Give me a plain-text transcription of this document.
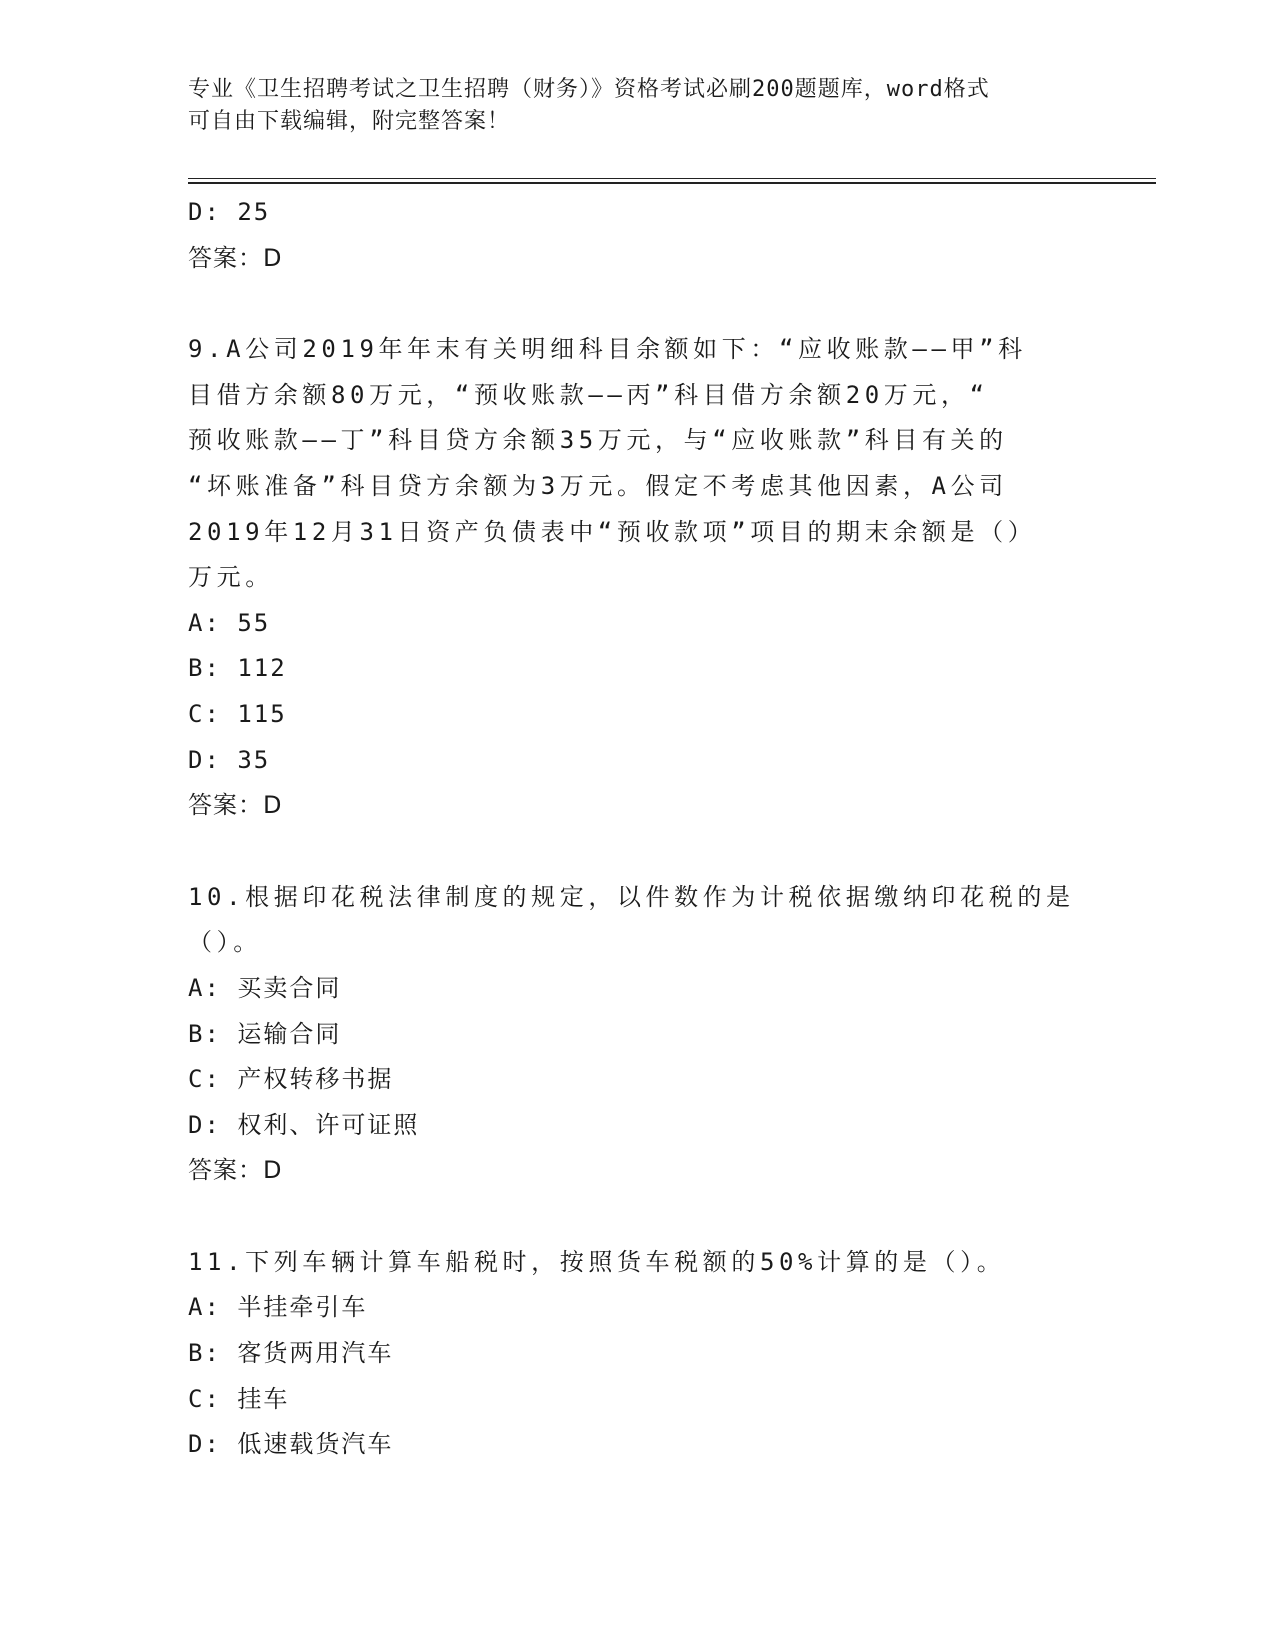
专业《卫生招聘考试之卫生招聘（财务）》资格考试必刷200题题库，word格式
可自由下载编辑，附完整答案！
D: 25
答案：D
9.A公司2019年年末有关明细科目余额如下：“应收账款——甲”科
目借方余额80万元，“预收账款——丙”科目借方余额20万元，“
预收账款——丁”科目贷方余额35万元，与“应收账款”科目有关的
“坏账准备”科目贷方余额为3万元。假定不考虑其他因素，A公司
2019年12月31日资产负债表中“预收款项”项目的期末余额是（）
万元。
A: 55
B: 112
C: 115
D: 35
答案：D
10.根据印花税法律制度的规定，以件数作为计税依据缴纳印花税的是
（）。
A: 买卖合同
B: 运输合同
C: 产权转移书据
D: 权利、许可证照
答案：D
11.下列车辆计算车船税时，按照货车税额的50%计算的是（）。
A: 半挂牵引车
B: 客货两用汽车
C: 挂车
D: 低速载货汽车
